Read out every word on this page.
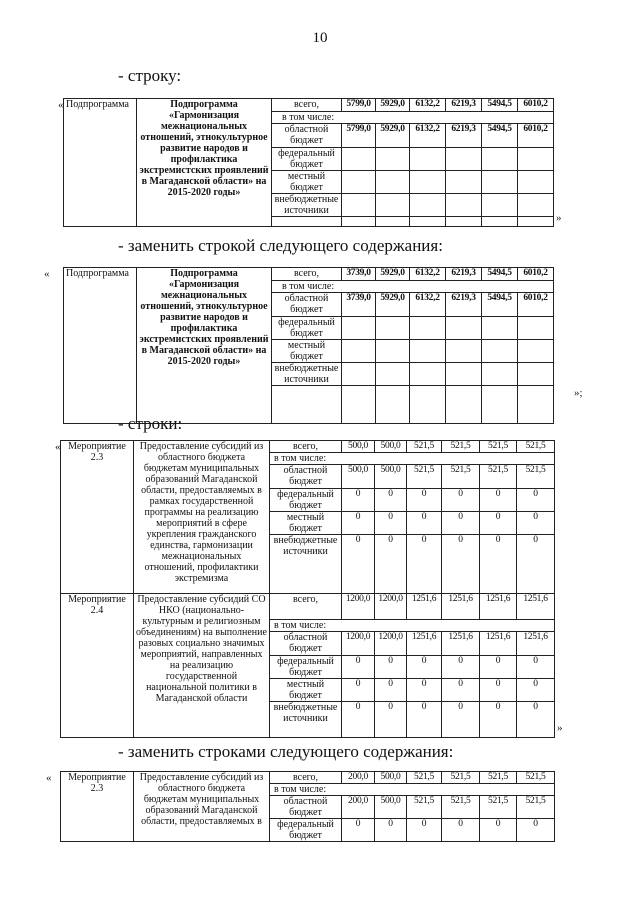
10
- строку:
« Подпрограмма	Подпрограмма «Гармонизация межнациональных отношений, этнокультурное развитие народов и профилактика экстремистских проявлений в Магаданской области» на 2015-2020 годы»	всего,	5799,0	5929,0	6132,2	6219,3	5494,5	6010,2
		в том числе:						
		областной бюджет	5799,0	5929,0	6132,2	6219,3	5494,5	6010,2
		федеральный бюджет						
		местный бюджет						
		внебюджетные источники						

»
- заменить строкой следующего содержания:
« Подпрограмма	Подпрограмма «Гармонизация межнациональных отношений, этнокультурное развитие народов и профилактика экстремистских проявлений в Магаданской области» на 2015-2020 годы»	всего,	3739,0	5929,0	6132,2	6219,3	5494,5	6010,2
		в том числе:						
		областной бюджет	3739,0	5929,0	6132,2	6219,3	5494,5	6010,2
		федеральный бюджет						
		местный бюджет						
		внебюджетные источники						

»;
- строки:
« Мероприятие 2.3	Предоставление субсидий из областного бюджета бюджетам муниципальных образований Магаданской области, предоставляемых в рамках государственной программы на реализацию мероприятий в сфере укрепления гражданского единства, гармонизации межнациональных отношений, профилактики экстремизма	всего,	500,0	500,0	521,5	521,5	521,5	521,5
		в том числе:						
		областной бюджет	500,0	500,0	521,5	521,5	521,5	521,5
		федеральный бюджет	0	0	0	0	0	0
		местный бюджет	0	0	0	0	0	0
		внебюджетные источники	0	0	0	0	0	0
Мероприятие 2.4	Предоставление субсидий СО НКО (национально-культурным и религиозным объединениям) на выполнение разовых социально значимых мероприятий, направленных на реализацию государственной национальной политики в Магаданской области	всего,	1200,0	1200,0	1251,6	1251,6	1251,6	1251,6
		в том числе:						
		областной бюджет	1200,0	1200,0	1251,6	1251,6	1251,6	1251,6
		федеральный бюджет	0	0	0	0	0	0
		местный бюджет	0	0	0	0	0	0
		внебюджетные источники	0	0	0	0	0	0
»
- заменить строками следующего содержания:
« Мероприятие 2.3	Предоставление субсидий из областного бюджета бюджетам муниципальных образований Магаданской области, предоставляемых в	всего,	200,0	500,0	521,5	521,5	521,5	521,5
		в том числе:						
		областной бюджет	200,0	500,0	521,5	521,5	521,5	521,5
		федеральный бюджет	0	0	0	0	0	0
